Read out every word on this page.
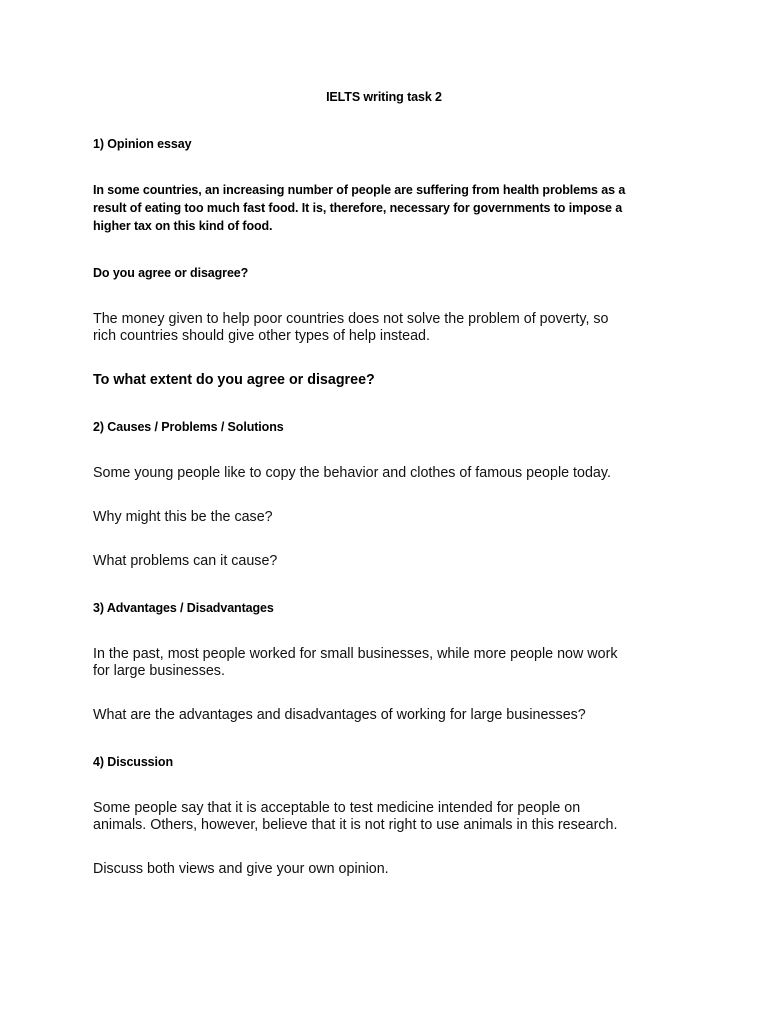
IELTS writing task 2

1) Opinion essay

In some countries, an increasing number of people are suffering from health problems as a

result of eating too much fast food. It is, therefore, necessary for governments to impose a

higher tax on this kind of food.

Do you agree or disagree?

The money given to help poor countries does not solve the problem of poverty, so

rich countries should give other types of help instead.

To what extent do you agree or disagree?

2) Causes / Problems / Solutions

Some young people like to copy the behavior and clothes of famous people today.

Why might this be the case?

What problems can it cause?

3) Advantages / Disadvantages

In the past, most people worked for small businesses, while more people now work

for large businesses.

What are the advantages and disadvantages of working for large businesses?

4) Discussion

Some people say that it is acceptable to test medicine intended for people on

animals. Others, however, believe that it is not right to use animals in this research.

Discuss both views and give your own opinion.
